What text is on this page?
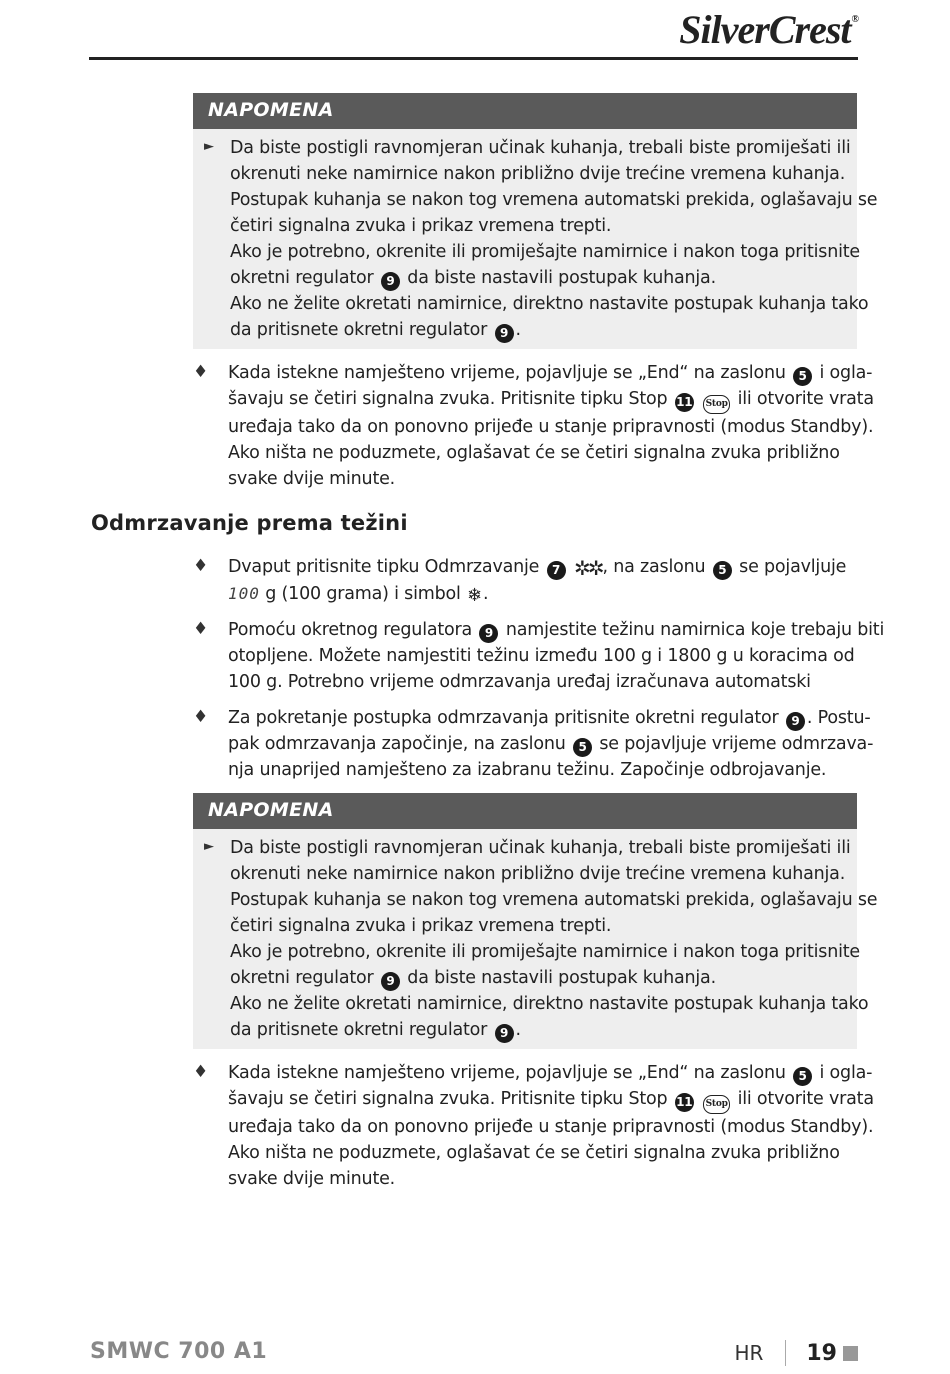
SilverCrest®
NAPOMENA
► Da biste postigli ravnomjeran učinak kuhanja, trebali biste promiješati ili
okrenuti neke namirnice nakon približno dvije trećine vremena kuhanja.
Postupak kuhanja se nakon tog vremena automatski prekida, oglašavaju se
četiri signalna zvuka i prikaz vremena trepti.
Ako je potrebno, okrenite ili promiješajte namirnice i nakon toga pritisnite
okretni regulator 9 da biste nastavili postupak kuhanja.
Ako ne želite okretati namirnice, direktno nastavite postupak kuhanja tako
da pritisnete okretni regulator 9 .
♦ Kada istekne namješteno vrijeme, pojavljuje se „End“ na zaslonu 5 i ogla-
šavaju se četiri signalna zvuka. Pritisnite tipku Stop 11 Stop ili otvorite vrata
uređaja tako da on ponovno prijeđe u stanje pripravnosti (modus Standby).
Ako ništa ne poduzmete, oglašavat će se četiri signalna zvuka približno
svake dvije minute.
Odmrzavanje prema težini
♦ Dvaput pritisnite tipku Odmrzavanje 7 ✲✲, na zaslonu 5 se pojavljuje
100 g (100 grama) i simbol ❄.
♦ Pomoću okretnog regulatora 9 namjestite težinu namirnica koje trebaju biti
otopljene. Možete namjestiti težinu između 100 g i 1800 g u koracima od
100 g. Potrebno vrijeme odmrzavanja uređaj izračunava automatski
♦ Za pokretanje postupka odmrzavanja pritisnite okretni regulator 9 . Postu-
pak odmrzavanja započinje, na zaslonu 5 se pojavljuje vrijeme odmrzava-
nja unaprijed namješteno za izabranu težinu. Započinje odbrojavanje.
NAPOMENA
► Da biste postigli ravnomjeran učinak kuhanja, trebali biste promiješati ili
okrenuti neke namirnice nakon približno dvije trećine vremena kuhanja.
Postupak kuhanja se nakon tog vremena automatski prekida, oglašavaju se
četiri signalna zvuka i prikaz vremena trepti.
Ako je potrebno, okrenite ili promiješajte namirnice i nakon toga pritisnite
okretni regulator 9 da biste nastavili postupak kuhanja.
Ako ne želite okretati namirnice, direktno nastavite postupak kuhanja tako
da pritisnete okretni regulator 9 .
♦ Kada istekne namješteno vrijeme, pojavljuje se „End“ na zaslonu 5 i ogla-
šavaju se četiri signalna zvuka. Pritisnite tipku Stop 11 Stop ili otvorite vrata
uređaja tako da on ponovno prijeđe u stanje pripravnosti (modus Standby).
Ako ništa ne poduzmete, oglašavat će se četiri signalna zvuka približno
svake dvije minute.
SMWC 700 A1	HR 19
